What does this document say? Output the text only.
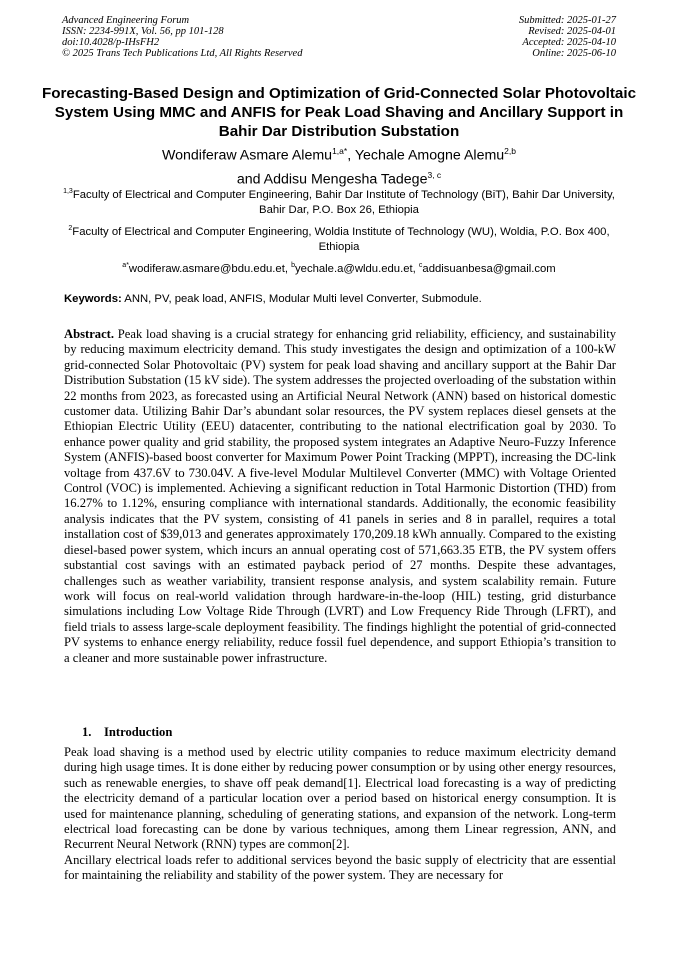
Advanced Engineering Forum
ISSN: 2234-991X, Vol. 56, pp 101-128
doi:10.4028/p-IHsFH2
© 2025 Trans Tech Publications Ltd, All Rights Reserved
Submitted: 2025-01-27
Revised: 2025-04-01
Accepted: 2025-04-10
Online: 2025-06-10
Forecasting-Based Design and Optimization of Grid-Connected Solar Photovoltaic System Using MMC and ANFIS for Peak Load Shaving and Ancillary Support in Bahir Dar Distribution Substation
Wondiferaw Asmare Alemu$^{1,a*}$, Yechale Amogne Alemu$^{2,b}$
and Addisu Mengesha Tadege$^{3, c}$
$^{1,3}$Faculty of Electrical and Computer Engineering, Bahir Dar Institute of Technology (BiT), Bahir Dar University, Bahir Dar, P.O. Box 26, Ethiopia
$^2$Faculty of Electrical and Computer Engineering, Woldia Institute of Technology (WU), Woldia, P.O. Box 400, Ethiopia
$^{a*}$wodiferaw.asmare@bdu.edu.et, $^b$yechale.a@wldu.edu.et, $^c$addisuanbesa@gmail.com
Keywords: ANN, PV, peak load, ANFIS, Modular Multi level Converter, Submodule.
Abstract. Peak load shaving is a crucial strategy for enhancing grid reliability, efficiency, and sustainability by reducing maximum electricity demand. This study investigates the design and optimization of a 100-kW grid-connected Solar Photovoltaic (PV) system for peak load shaving and ancillary support at the Bahir Dar Distribution Substation (15 kV side). The system addresses the projected overloading of the substation within 22 months from 2023, as forecasted using an Artificial Neural Network (ANN) based on historical domestic customer data. Utilizing Bahir Dar’s abundant solar resources, the PV system replaces diesel gensets at the Ethiopian Electric Utility (EEU) datacenter, contributing to the national electrification goal by 2030. To enhance power quality and grid stability, the proposed system integrates an Adaptive Neuro-Fuzzy Inference System (ANFIS)-based boost converter for Maximum Power Point Tracking (MPPT), increasing the DC-link voltage from 437.6V to 730.04V. A five-level Modular Multilevel Converter (MMC) with Voltage Oriented Control (VOC) is implemented. Achieving a significant reduction in Total Harmonic Distortion (THD) from 16.27% to 1.12%, ensuring compliance with international standards. Additionally, the economic feasibility analysis indicates that the PV system, consisting of 41 panels in series and 8 in parallel, requires a total installation cost of $39,013 and generates approximately 170,209.18 kWh annually. Compared to the existing diesel-based power system, which incurs an annual operating cost of 571,663.35 ETB, the PV system offers substantial cost savings with an estimated payback period of 27 months. Despite these advantages, challenges such as weather variability, transient response analysis, and system scalability remain. Future work will focus on real-world validation through hardware-in-the-loop (HIL) testing, grid disturbance simulations including Low Voltage Ride Through (LVRT) and Low Frequency Ride Through (LFRT), and field trials to assess large-scale deployment feasibility. The findings highlight the potential of grid-connected PV systems to enhance energy reliability, reduce fossil fuel dependence, and support Ethiopia’s transition to a cleaner and more sustainable power infrastructure.
1. Introduction

Peak load shaving is a method used by electric utility companies to reduce maximum electricity demand during high usage times. It is done either by reducing power consumption or by using other energy resources, such as renewable energies, to shave off peak demand[1]. Electrical load forecasting is a way of predicting the electricity demand of a particular location over a period based on historical energy consumption. It is used for maintenance planning, scheduling of generating stations, and expansion of the network. Long-term electrical load forecasting can be done by various techniques, among them Linear regression, ANN, and Recurrent Neural Network (RNN) types are common[2].

Ancillary electrical loads refer to additional services beyond the basic supply of electricity that are essential for maintaining the reliability and stability of the power system. They are necessary for
